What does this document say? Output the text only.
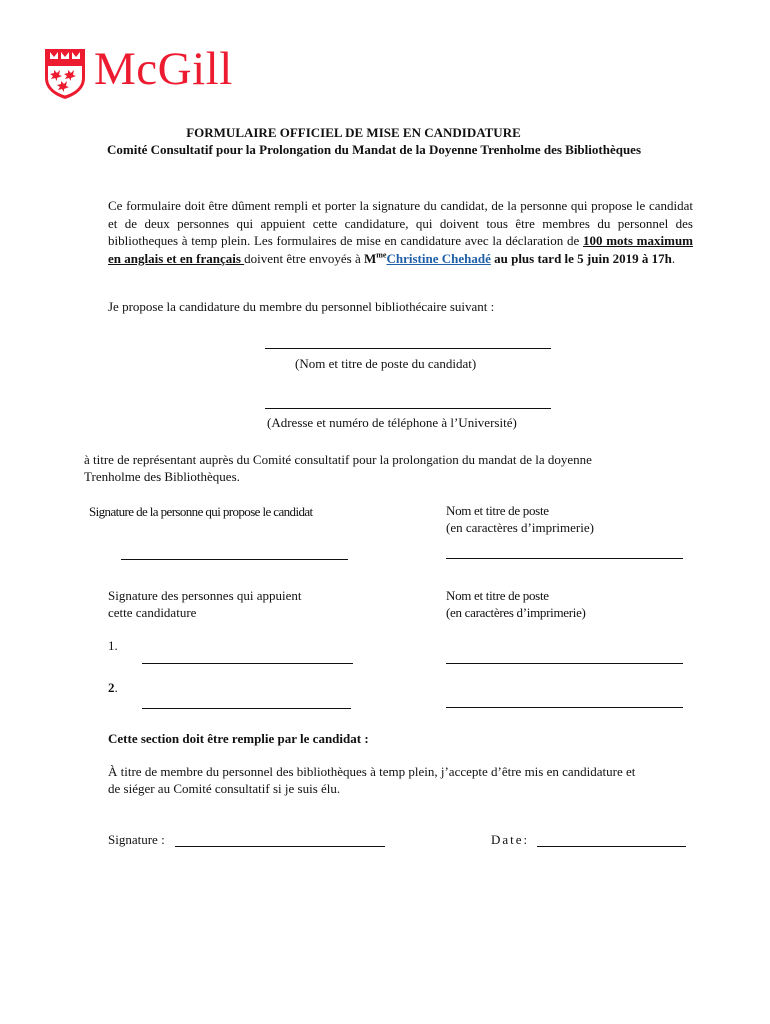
McGill
FORMULAIRE OFFICIEL DE MISE EN CANDIDATURE
Comité Consultatif pour la Prolongation du Mandat de la Doyenne Trenholme des Bibliothèques
Ce formulaire doit être dûment rempli et porter la signature du candidat, de la personne qui propose le candidat et de deux personnes qui appuient cette candidature, qui doivent tous être membres du personnel des bibliotheques à temp plein. Les formulaires de mise en candidature avec la déclaration de 100 mots maximum en anglais et en français doivent être envoyés à $M^{me}Christine$ Chehadé au plus tard le 5 juin 2019 à 17h.
Je propose la candidature du membre du personnel bibliothécaire suivant :
(Nom et titre de poste du candidat)
(Adresse et numéro de téléphone à l’Université)
à titre de représentant auprès du Comité consultatif pour la prolongation du mandat de la doyenne
Trenholme des Bibliothèques.
Signature de la personne qui propose le candidat	Nom et titre de poste
(en caractères d’imprimerie)
Signature des personnes qui appuient
cette candidature
Nom et titre de poste
(en caractères d’imprimerie)
1.
2.
Cette section doit être remplie par le candidat :
À titre de membre du personnel des bibliothèques à temp plein, j’accepte d’être mis en candidature et
de siéger au Comité consultatif si je suis élu.
Signature :	Date:
